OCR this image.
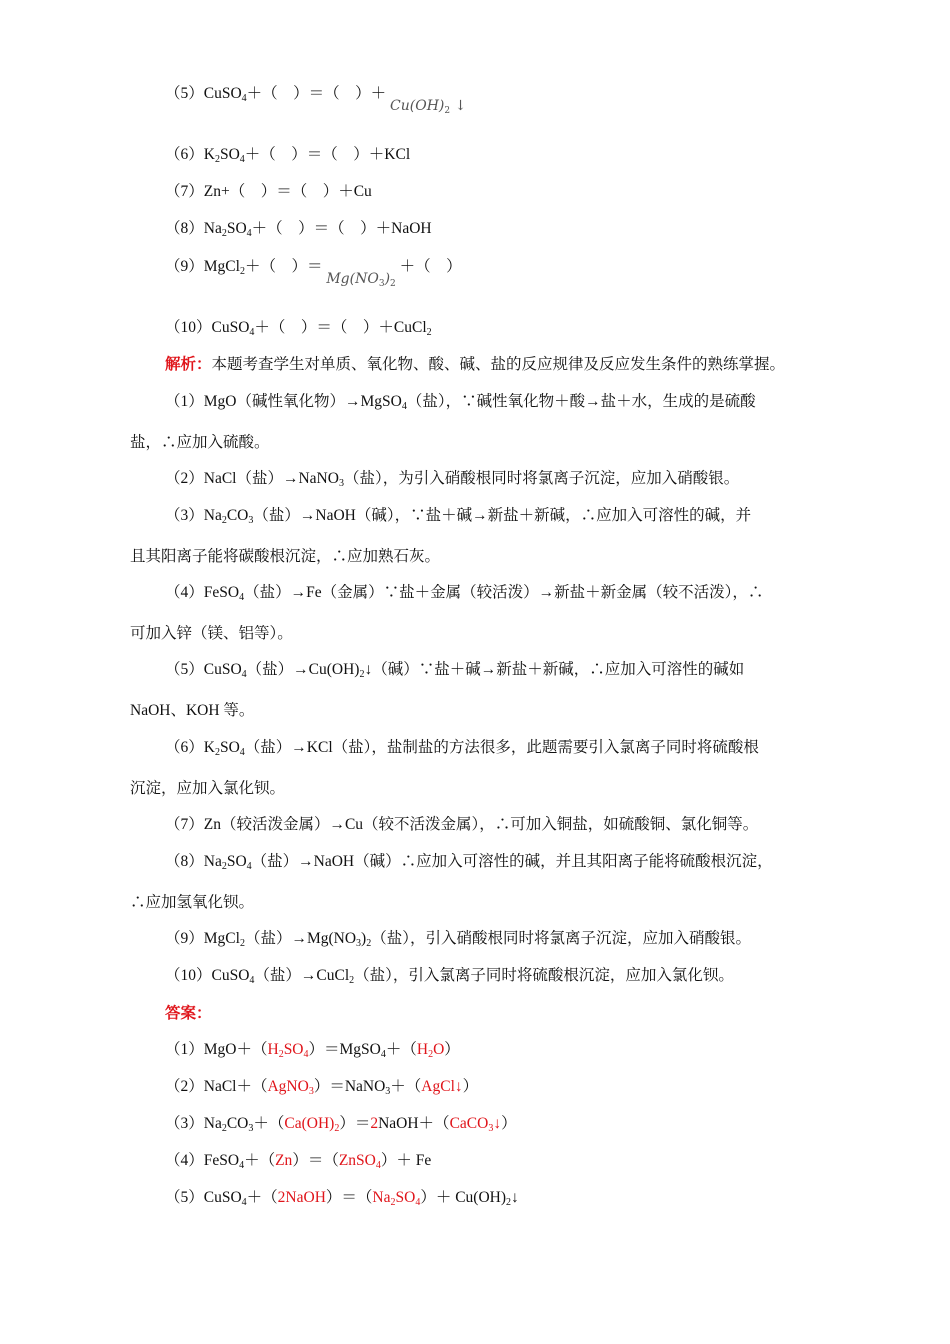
（5）CuSO$_4$＋（　）＝（　）＋ $Cu(OH)_2$ ↓
$(6)K_2SO_4+$（　）＝（　）＋KCl
（7）Zn+（　）＝（　）＋Cu
$(8)Na_2SO_4+$（　）＝（　）＋NaOH
（9）MgCl$_2$＋（　）＝ $Mg(NO_3)_2$ ＋（　）
（10）CuSO$_4$＋（　）＝（　）＋CuCl$_2$
解析：本题考查学生对单质、氧化物、酸、碱、盐的反应规律及反应发生条件的熟练掌握。
（1）MgO（碱性氧化物）→MgSO$_4$（盐），∵碱性氧化物＋酸→盐＋水，生成的是硫酸
盐，∴应加入硫酸。
（2）NaCl（盐）→NaNO$_3$（盐），为引入硝酸根同时将氯离子沉淀，应加入硝酸银。
$(3)Na_2CO_3$（盐）→NaOH（碱），∵盐＋碱→新盐＋新碱，∴应加入可溶性的碱，并
且其阳离子能将碳酸根沉淀，∴应加熟石灰。
（4）FeSO$_4$（盐）→Fe（金属）∵盐＋金属（较活泼）→新盐＋新金属（较不活泼），∴
可加入锌（镁、铝等）。
（5）CuSO$_4$（盐）$\to Cu(OH)_2↓$（碱）∵盐＋碱→新盐＋新碱，∴应加入可溶性的碱如
NaOH、KOH 等。
$(6)K_2SO_4$（盐）→KCl（盐），盐制盐的方法很多，此题需要引入氯离子同时将硫酸根
沉淀，应加入氯化钡。
（7）Zn（较活泼金属）→Cu（较不活泼金属），∴可加入铜盐，如硫酸铜、氯化铜等。
$(8)Na_2SO_4$（盐）→NaOH（碱）∴应加入可溶性的碱，并且其阳离子能将硫酸根沉淀，
∴应加氢氧化钡。
（9）MgCl$_2$（盐）$\to Mg(NO_3)_2$（盐），引入硝酸根同时将氯离子沉淀，应加入硝酸银。
（10）CuSO$_4$（盐）→CuCl$_2$（盐），引入氯离子同时将硫酸根沉淀，应加入氯化钡。
答案：
$(1)MgO+(H_2SO_4)=MgSO_4+(H_2O)$
（2）NaCl＋（AgNO$_3$）＝NaNO$_3$＋（AgCl↓）
$(3)Na_2CO_3+(Ca(OH)_2)=2NaOH+(CaCO_3↓)$
（4）FeSO$_4$＋（Zn）＝（ZnSO$_4$）＋ Fe
$(5)CuSO_4+(2NaOH)=(Na_2SO_4)+$ $Cu(OH)_2↓$
